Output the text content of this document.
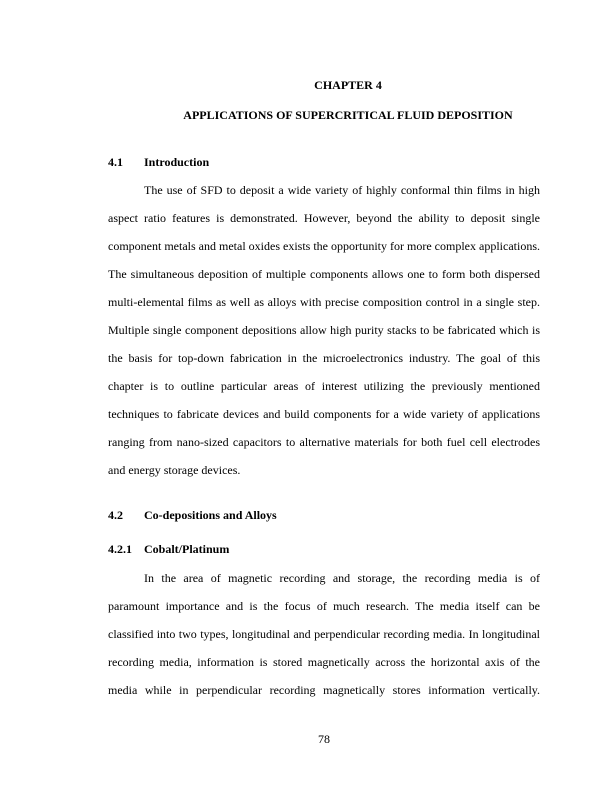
CHAPTER 4
APPLICATIONS OF SUPERCRITICAL FLUID DEPOSITION
4.1 Introduction
The use of SFD to deposit a wide variety of highly conformal thin films in high
aspect ratio features is demonstrated. However, beyond the ability to deposit single
component metals and metal oxides exists the opportunity for more complex applications.
The simultaneous deposition of multiple components allows one to form both dispersed
multi-elemental films as well as alloys with precise composition control in a single step.
Multiple single component depositions allow high purity stacks to be fabricated which is
the basis for top-down fabrication in the microelectronics industry. The goal of this
chapter is to outline particular areas of interest utilizing the previously mentioned
techniques to fabricate devices and build components for a wide variety of applications
ranging from nano-sized capacitors to alternative materials for both fuel cell electrodes
and energy storage devices.
4.2 Co-depositions and Alloys
4.2.1 Cobalt/Platinum
In the area of magnetic recording and storage, the recording media is of
paramount importance and is the focus of much research. The media itself can be
classified into two types, longitudinal and perpendicular recording media. In longitudinal
recording media, information is stored magnetically across the horizontal axis of the
media while in perpendicular recording magnetically stores information vertically.
78
